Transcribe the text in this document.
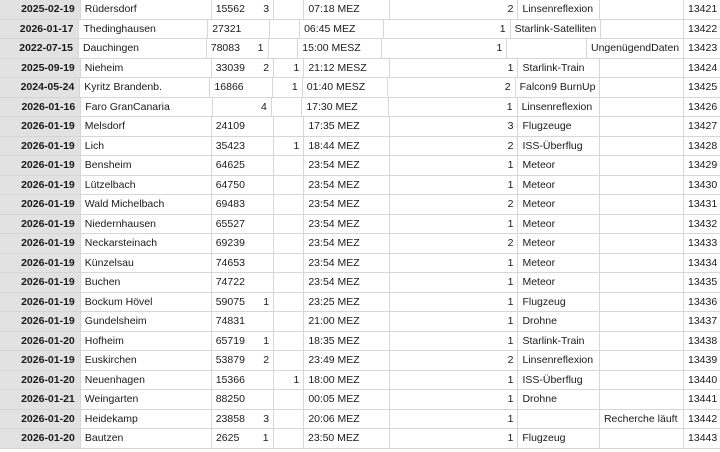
2025-02-19 Rüdersdorf	15562	3	07:18 MEZ	2 Linsenreflexion	13421
2026-01-17 Thedinghausen	27321	06:45 MEZ	1 Starlink-Satelliten	13422
2022-07-15 Dauchingen	78083	1	15:00 MESZ	1	UngenügendDaten 13423
2025-09-19 Nieheim	33039	2	1 21:12 MESZ	1 Starlink-Train	13424
2024-05-24 Kyritz Brandenb.	16866	1 01:40 MESZ	2 Falcon9 BurnUp	13425
2026-01-16 Faro GranCanaria	4	17:30 MEZ	1 Linsenreflexion	13426
2026-01-19 Melsdorf	24109	17:35 MEZ	3 Flugzeuge	13427
2026-01-19 Lich	35423	1 18:44 MEZ	2 ISS-Überflug	13428
2026-01-19 Bensheim	64625	23:54 MEZ	1 Meteor	13429
2026-01-19 Lützelbach	64750	23:54 MEZ	1 Meteor	13430
2026-01-19 Wald Michelbach	69483	23:54 MEZ	2 Meteor	13431
2026-01-19 Niedernhausen	65527	23:54 MEZ	1 Meteor	13432
2026-01-19 Neckarsteinach	69239	23:54 MEZ	2 Meteor	13433
2026-01-19 Künzelsau	74653	23:54 MEZ	1 Meteor	13434
2026-01-19 Buchen	74722	23:54 MEZ	1 Meteor	13435
2026-01-19 Bockum Hövel	59075	1	23:25 MEZ	1 Flugzeug	13436
2026-01-19 Gundelsheim	74831	21:00 MEZ	1 Drohne	13437
2026-01-20 Hofheim	65719	1	18:35 MEZ	1 Starlink-Train	13438
2026-01-19 Euskirchen	53879	2	23:49 MEZ	2 Linsenreflexion	13439
2026-01-20 Neuenhagen	15366	1 18:00 MEZ	1 ISS-Überflug	13440
2026-01-21 Weingarten	88250	00:05 MEZ	1 Drohne	13441
2026-01-20 Heidekamp	23858	3	20:06 MEZ	1	Recherche läuft	13442
2026-01-20 Bautzen	2625	1	23:50 MEZ	1 Flugzeug	13443
